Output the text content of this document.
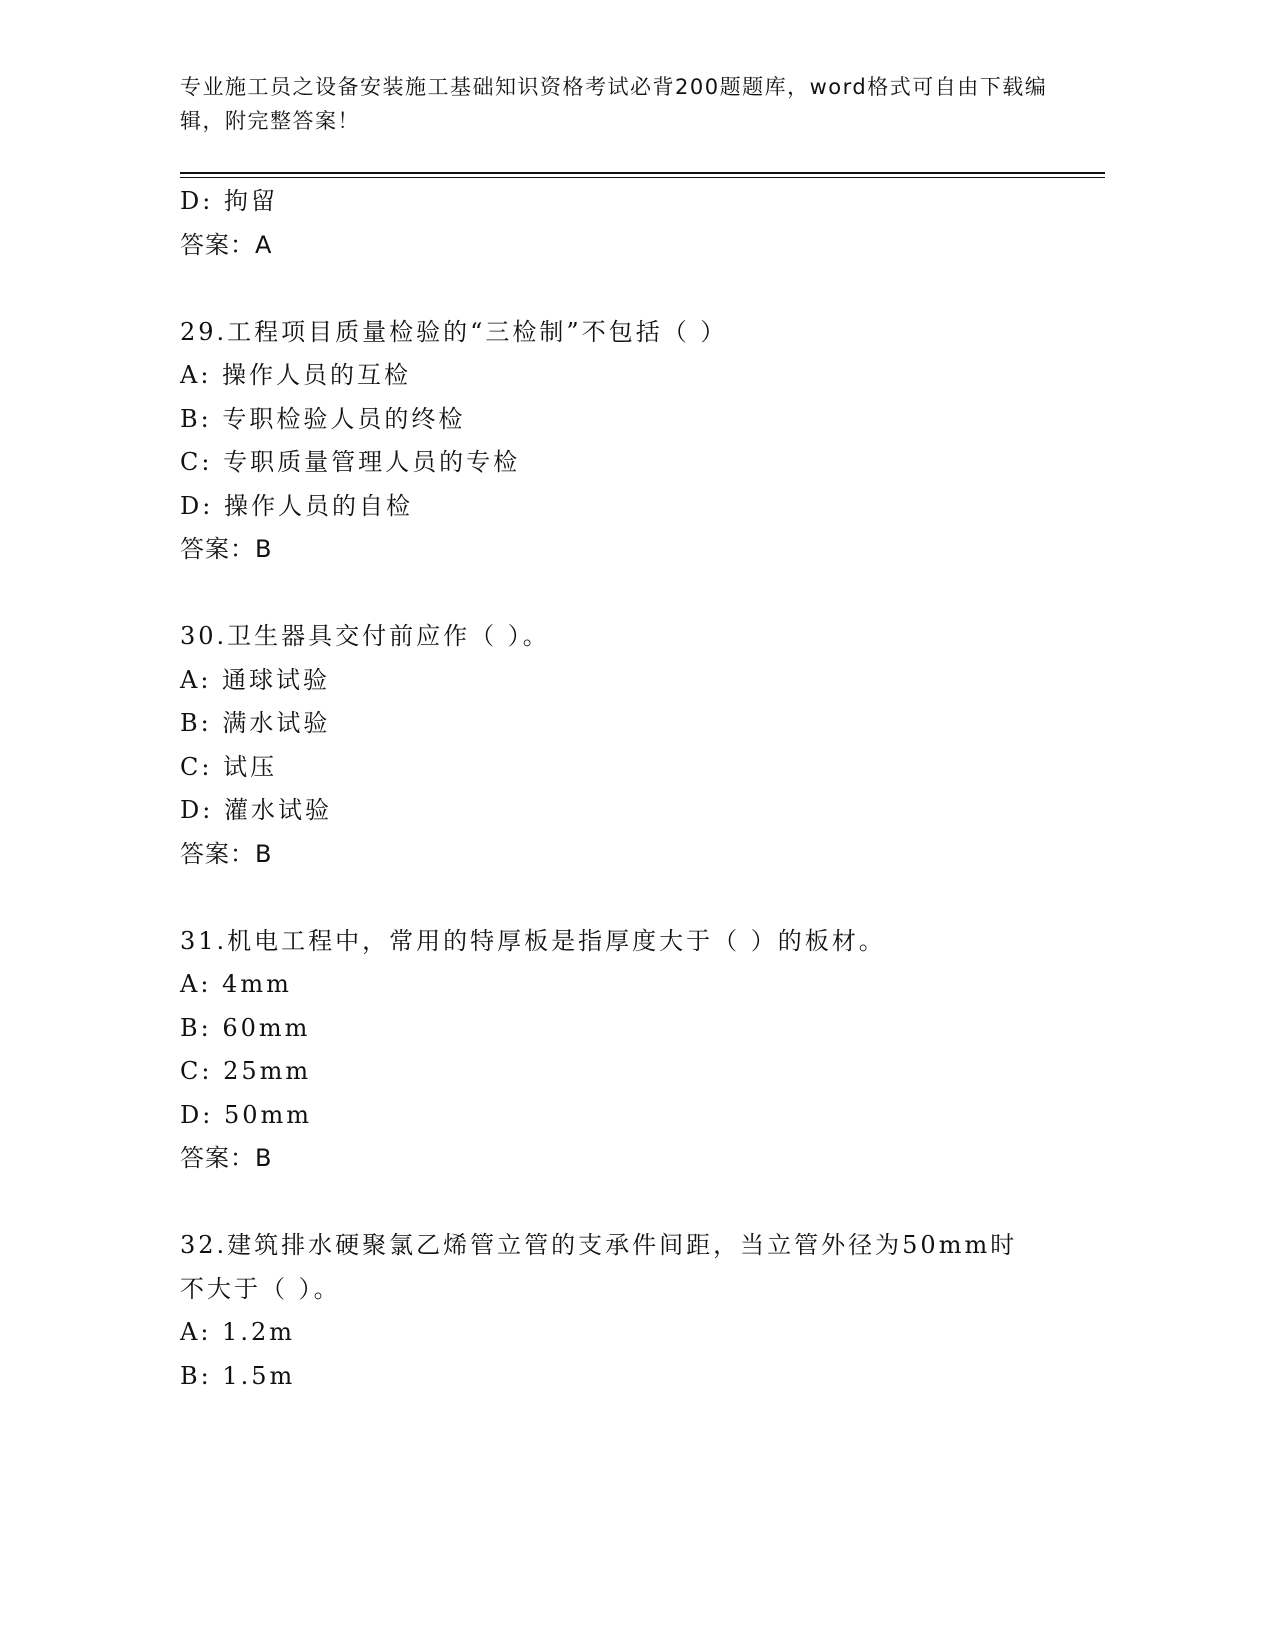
专业施工员之设备安装施工基础知识资格考试必背200题题库，word格式可自由下载编辑，附完整答案！
D: 拘留
答案：A
29.工程项目质量检验的“三检制”不包括（ ）
A: 操作人员的互检
B: 专职检验人员的终检
C: 专职质量管理人员的专检
D: 操作人员的自检
答案：B
30.卫生器具交付前应作（ ）。
A: 通球试验
B: 满水试验
C: 试压
D: 灌水试验
答案：B
31.机电工程中，常用的特厚板是指厚度大于（ ）的板材。
A: 4mm
B: 60mm
C: 25mm
D: 50mm
答案：B
32.建筑排水硬聚氯乙烯管立管的支承件间距，当立管外径为50mm时
不大于（ ）。
A: 1.2m
B: 1.5m
